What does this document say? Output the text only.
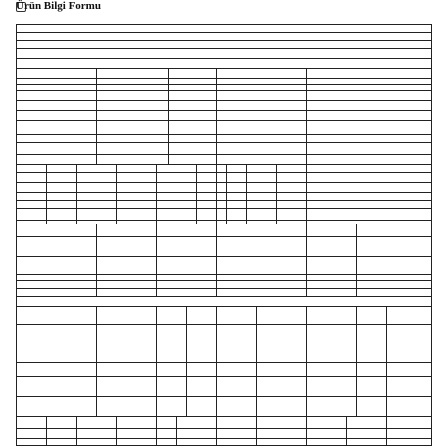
Ürün Bilgi Formu
